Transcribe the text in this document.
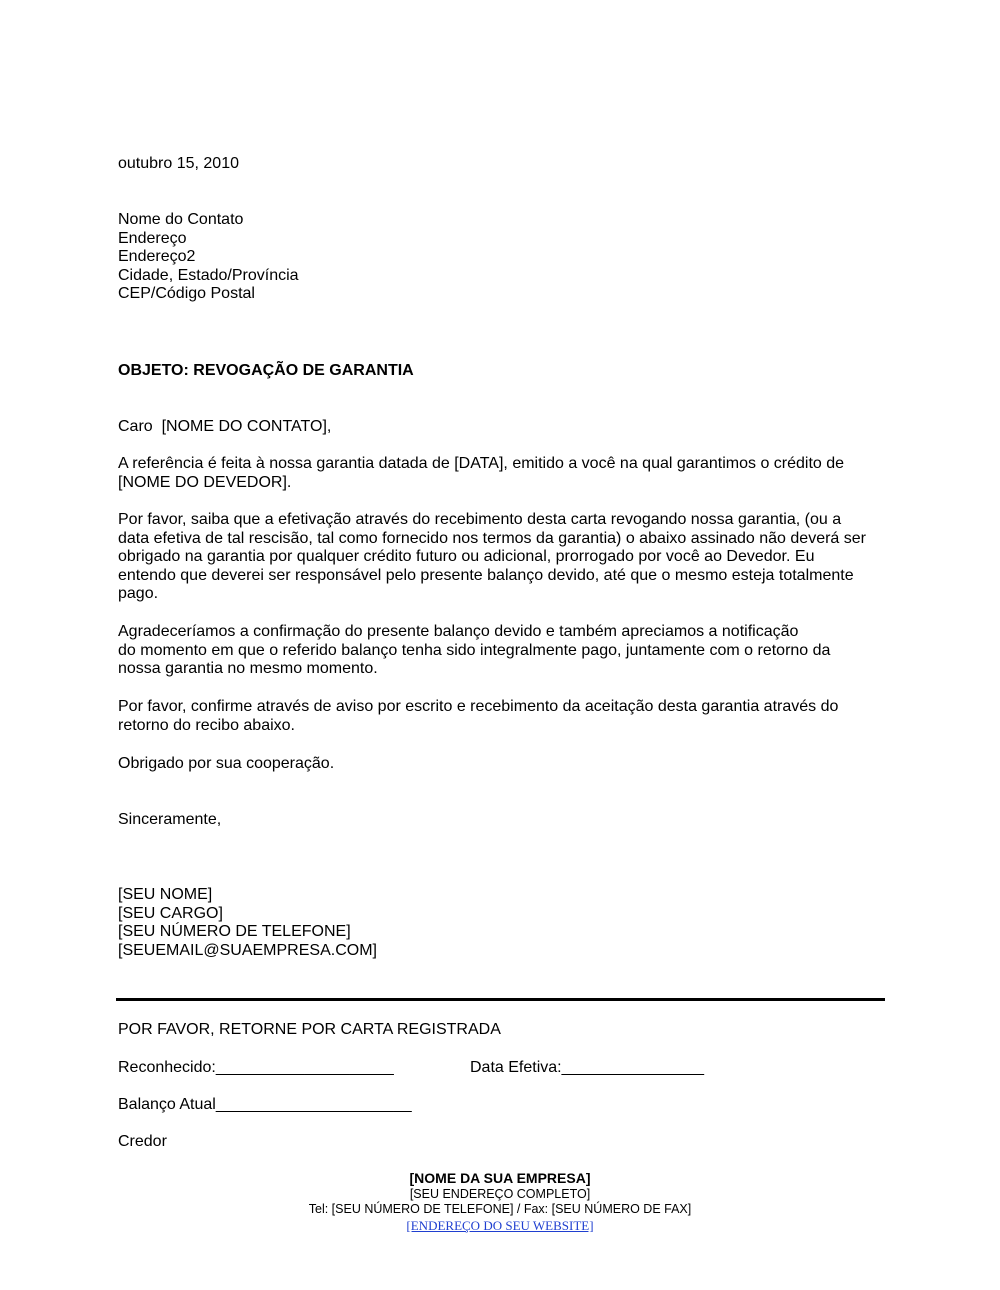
outubro 15, 2010
Nome do Contato
Endereço
Endereço2
Cidade, Estado/Província
CEP/Código Postal
OBJETO: REVOGAÇÃO DE GARANTIA
Caro  [NOME DO CONTATO],
A referência é feita à nossa garantia datada de [DATA], emitido a você na qual garantimos o crédito de
[NOME DO DEVEDOR].
Por favor, saiba que a efetivação através do recebimento desta carta revogando nossa garantia, (ou a
data efetiva de tal rescisão, tal como fornecido nos termos da garantia) o abaixo assinado não deverá ser
obrigado na garantia por qualquer crédito futuro ou adicional, prorrogado por você ao Devedor. Eu
entendo que deverei ser responsável pelo presente balanço devido, até que o mesmo esteja totalmente
pago.
Agradeceríamos a confirmação do presente balanço devido e também apreciamos a notificação
do momento em que o referido balanço tenha sido integralmente pago, juntamente com o retorno da
nossa garantia no mesmo momento.
Por favor, confirme através de aviso por escrito e recebimento da aceitação desta garantia através do
retorno do recibo abaixo.
Obrigado por sua cooperação.
Sinceramente,
[SEU NOME]
[SEU CARGO]
[SEU NÚMERO DE TELEFONE]
[SEUEMAIL@SUAEMPRESA.COM]
POR FAVOR, RETORNE POR CARTA REGISTRADA
Reconhecido:____________________	Data Efetiva:________________
Balanço Atual______________________
Credor
[NOME DA SUA EMPRESA]
[SEU ENDEREÇO COMPLETO]
Tel: [SEU NÚMERO DE TELEFONE] / Fax: [SEU NÚMERO DE FAX]
[ENDEREÇO DO SEU WEBSITE]
